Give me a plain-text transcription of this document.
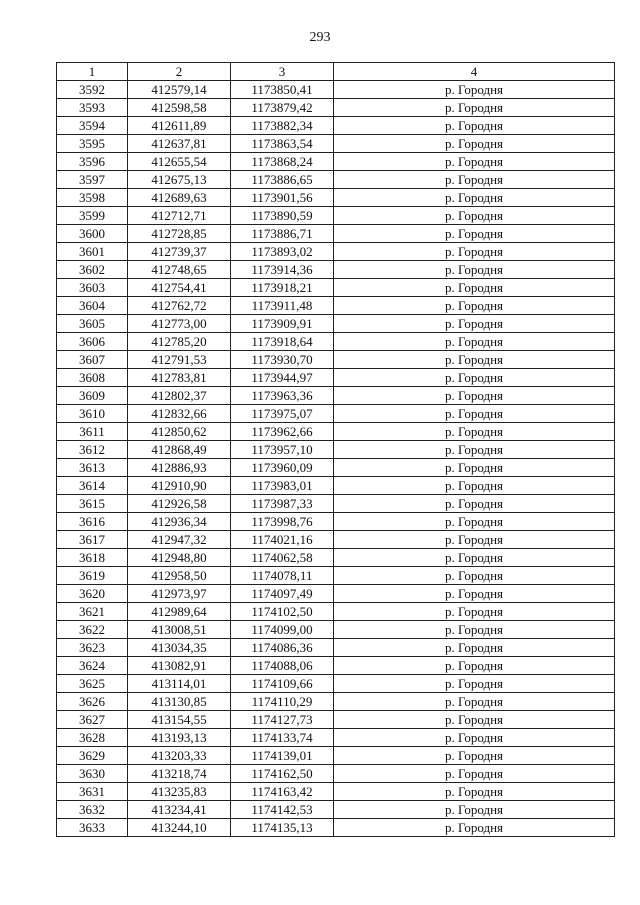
293
1	2	3	4
3592	412579,14	1173850,41	р. Городня
3593	412598,58	1173879,42	р. Городня
3594	412611,89	1173882,34	р. Городня
3595	412637,81	1173863,54	р. Городня
3596	412655,54	1173868,24	р. Городня
3597	412675,13	1173886,65	р. Городня
3598	412689,63	1173901,56	р. Городня
3599	412712,71	1173890,59	р. Городня
3600	412728,85	1173886,71	р. Городня
3601	412739,37	1173893,02	р. Городня
3602	412748,65	1173914,36	р. Городня
3603	412754,41	1173918,21	р. Городня
3604	412762,72	1173911,48	р. Городня
3605	412773,00	1173909,91	р. Городня
3606	412785,20	1173918,64	р. Городня
3607	412791,53	1173930,70	р. Городня
3608	412783,81	1173944,97	р. Городня
3609	412802,37	1173963,36	р. Городня
3610	412832,66	1173975,07	р. Городня
3611	412850,62	1173962,66	р. Городня
3612	412868,49	1173957,10	р. Городня
3613	412886,93	1173960,09	р. Городня
3614	412910,90	1173983,01	р. Городня
3615	412926,58	1173987,33	р. Городня
3616	412936,34	1173998,76	р. Городня
3617	412947,32	1174021,16	р. Городня
3618	412948,80	1174062,58	р. Городня
3619	412958,50	1174078,11	р. Городня
3620	412973,97	1174097,49	р. Городня
3621	412989,64	1174102,50	р. Городня
3622	413008,51	1174099,00	р. Городня
3623	413034,35	1174086,36	р. Городня
3624	413082,91	1174088,06	р. Городня
3625	413114,01	1174109,66	р. Городня
3626	413130,85	1174110,29	р. Городня
3627	413154,55	1174127,73	р. Городня
3628	413193,13	1174133,74	р. Городня
3629	413203,33	1174139,01	р. Городня
3630	413218,74	1174162,50	р. Городня
3631	413235,83	1174163,42	р. Городня
3632	413234,41	1174142,53	р. Городня
3633	413244,10	1174135,13	р. Городня
